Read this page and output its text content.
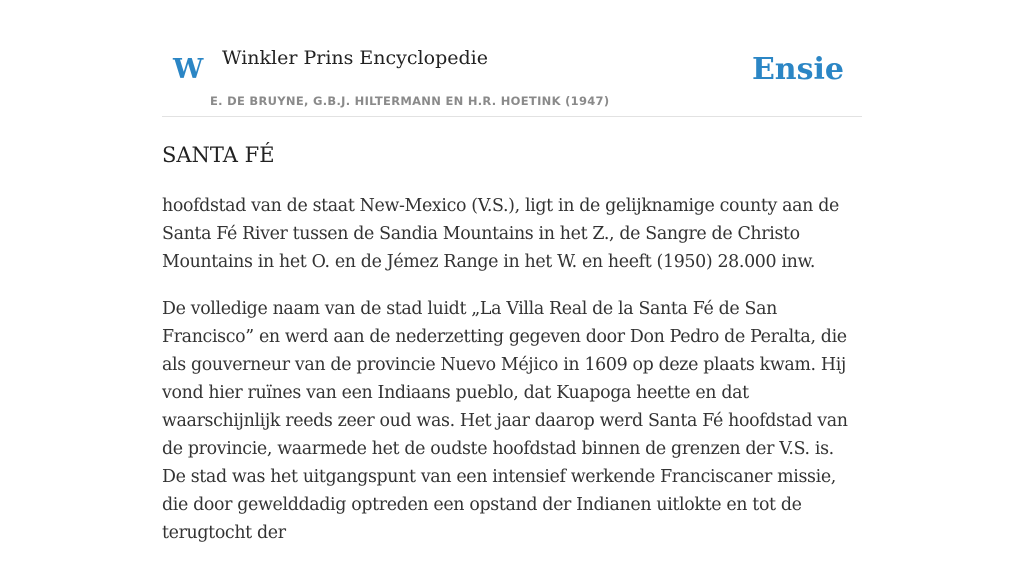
W Winkler Prins Encyclopedie
E. DE BRUYNE, G.B.J. HILTERMANN EN H.R. HOETINK (1947)
Ensie
SANTA FÉ

hoofdstad van de staat New-Mexico (V.S.), ligt in de gelijknamige county aan de Santa Fé River tussen de Sandia Mountains in het Z., de Sangre de Christo Mountains in het O. en de Jémez Range in het W. en heeft (1950) 28.000 inw.

De volledige naam van de stad luidt „La Villa Real de la Santa Fé de San Francisco” en werd aan de nederzetting gegeven door Don Pedro de Peralta, die als gouverneur van de provincie Nuevo Méjico in 1609 op deze plaats kwam. Hij vond hier ruïnes van een Indiaans pueblo, dat Kuapoga heette en dat waarschijnlijk reeds zeer oud was. Het jaar daarop werd Santa Fé hoofdstad van de provincie, waarmede het de oudste hoofdstad binnen de grenzen der V.S. is. De stad was het uitgangspunt van een intensief werkende Franciscaner missie, die door gewelddadig optreden een opstand der Indianen uitlokte en tot de terugtocht der
